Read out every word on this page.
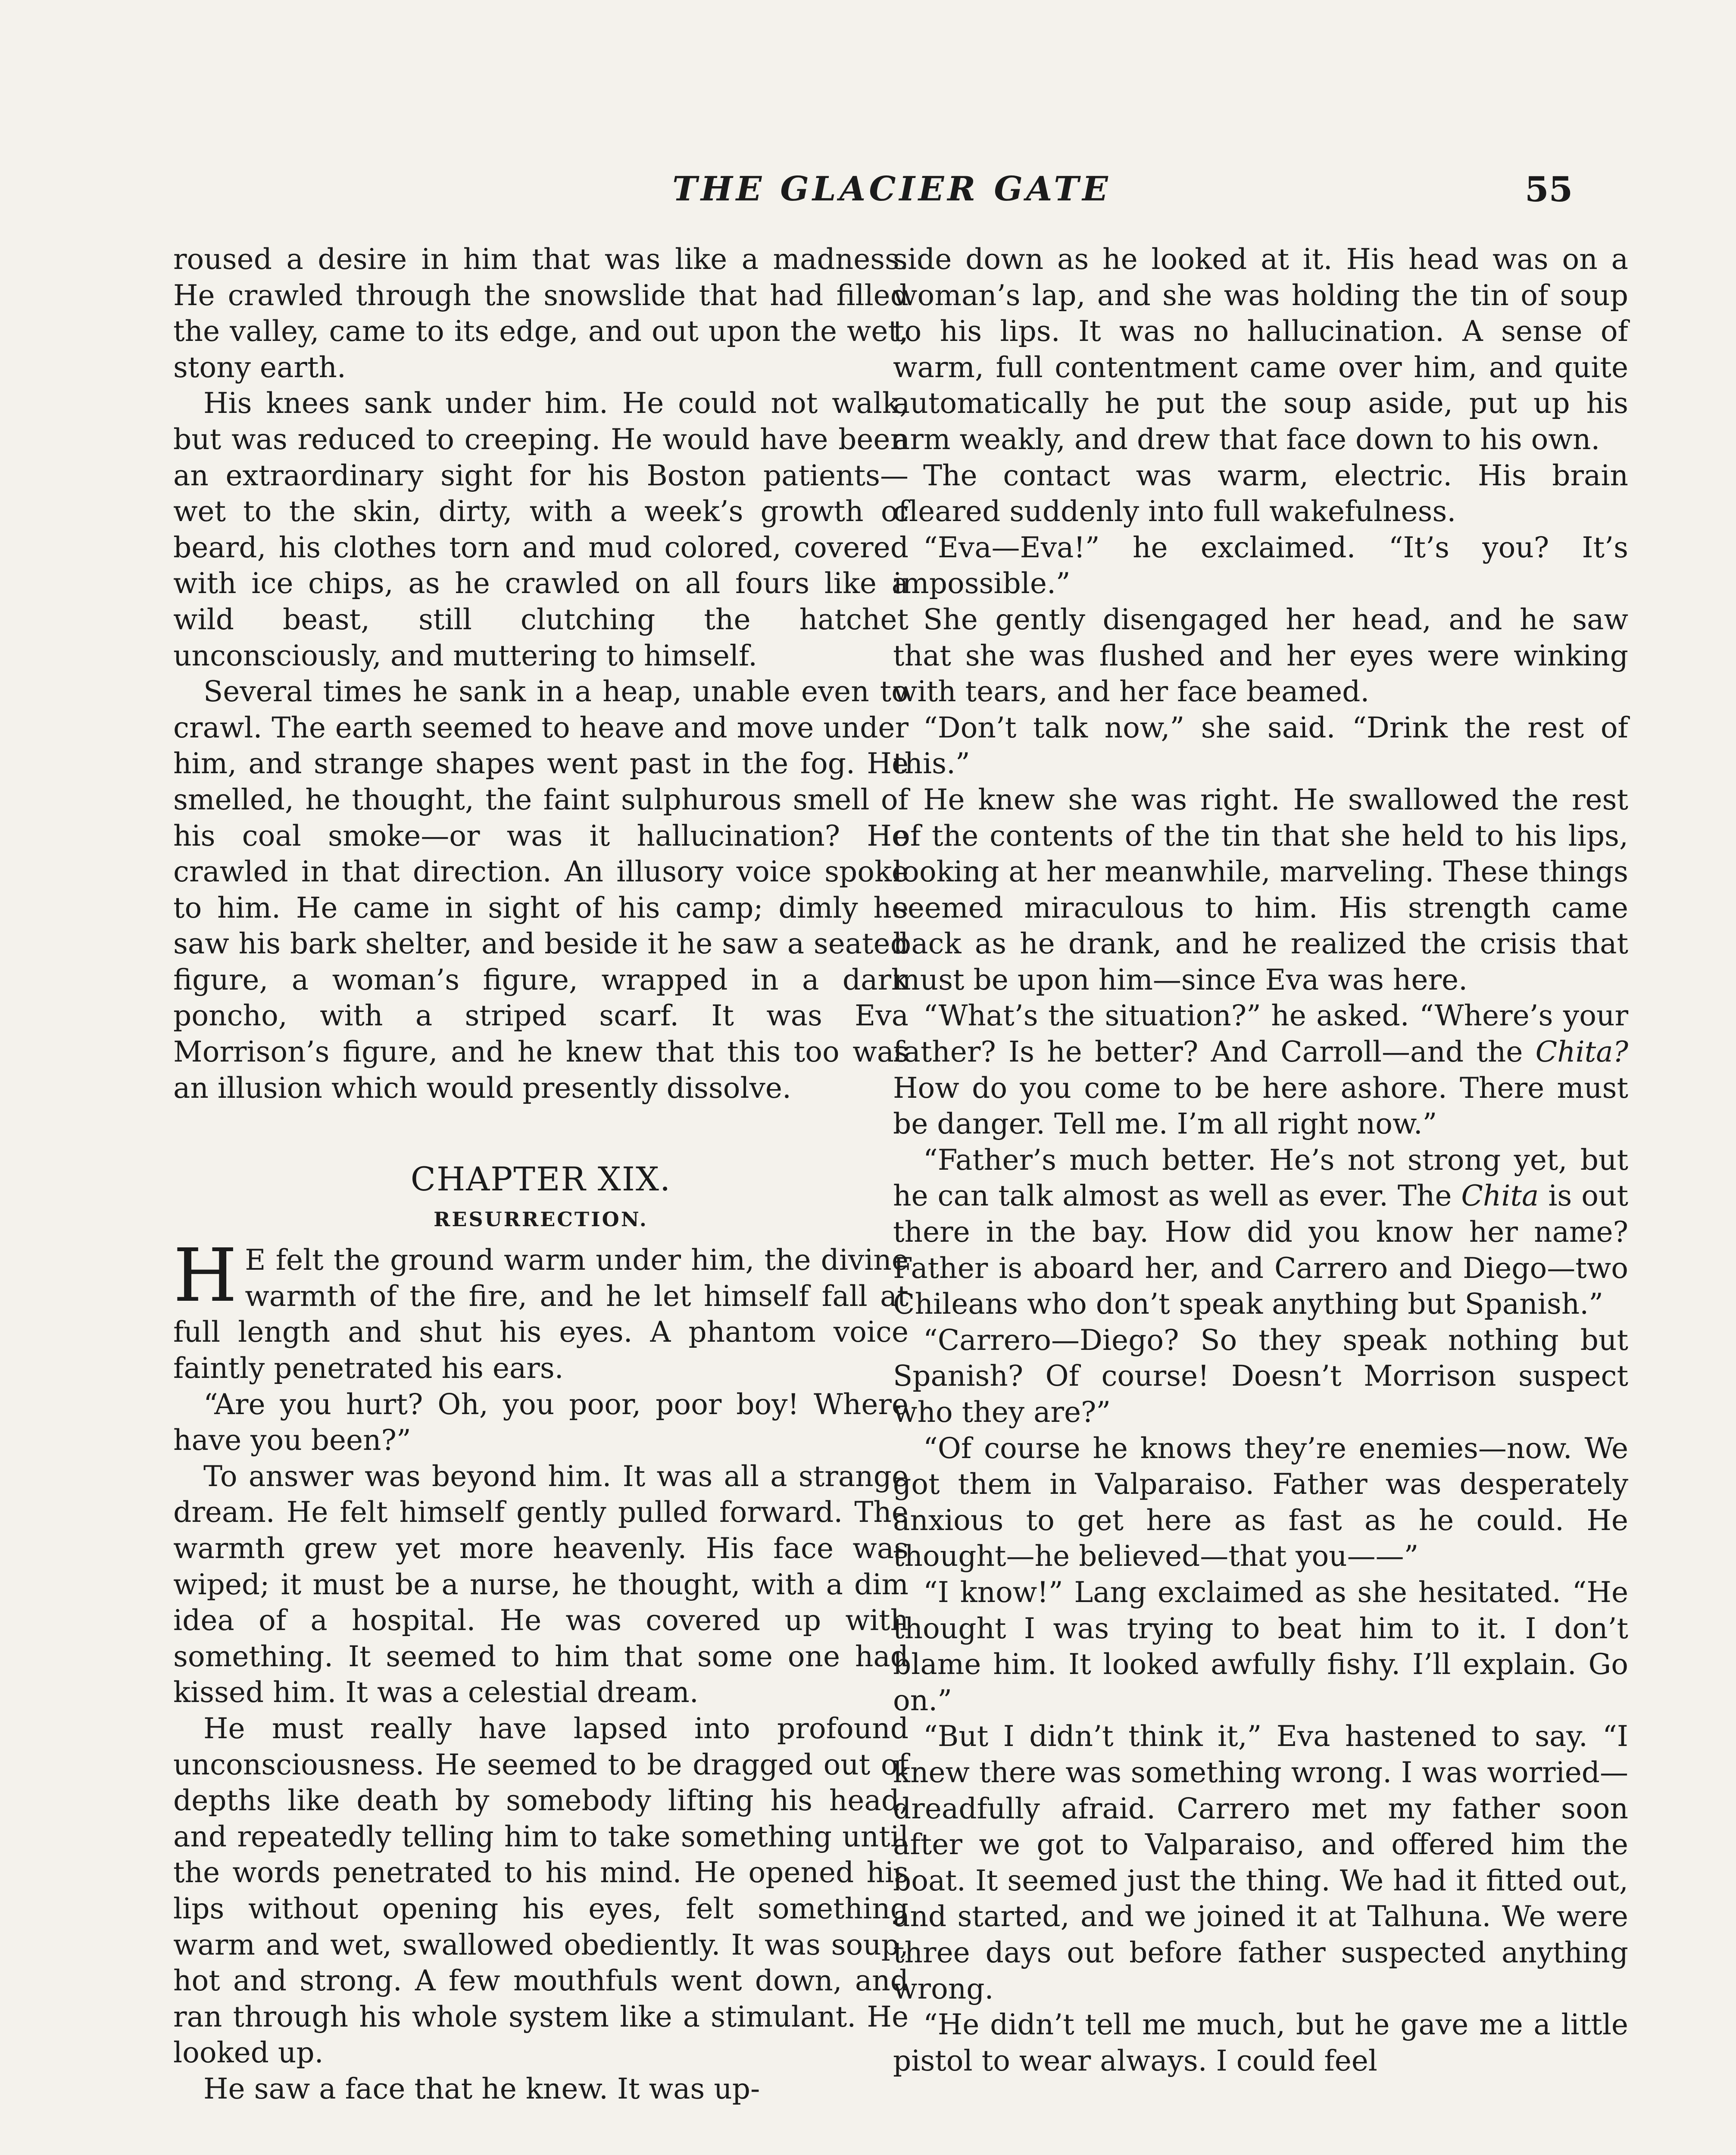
THE GLACIER GATE	55

roused a desire in him that was like a madness. He crawled through the snowslide that had filled the valley, came to its edge, and out upon the wet, stony earth.

His knees sank under him. He could not walk, but was reduced to creeping. He would have been an extraordinary sight for his Boston patients—wet to the skin, dirty, with a week’s growth of beard, his clothes torn and mud colored, covered with ice chips, as he crawled on all fours like a wild beast, still clutching the hatchet unconsciously, and muttering to himself.

Several times he sank in a heap, unable even to crawl. The earth seemed to heave and move under him, and strange shapes went past in the fog. He smelled, he thought, the faint sulphurous smell of his coal smoke—or was it hallucination? He crawled in that direction. An illusory voice spoke to him. He came in sight of his camp; dimly he saw his bark shelter, and beside it he saw a seated figure, a woman’s figure, wrapped in a dark poncho, with a striped scarf. It was Eva Morrison’s figure, and he knew that this too was an illusion which would presently dissolve.

CHAPTER XIX.
RESURRECTION.

H E felt the ground warm under him, the divine warmth of the fire, and he let himself fall at full length and shut his eyes. A phantom voice faintly penetrated his ears.

“Are you hurt? Oh, you poor, poor boy! Where have you been?”

To answer was beyond him. It was all a strange dream. He felt himself gently pulled forward. The warmth grew yet more heavenly. His face was wiped; it must be a nurse, he thought, with a dim idea of a hospital. He was covered up with something. It seemed to him that some one had kissed him. It was a celestial dream.

He must really have lapsed into profound unconsciousness. He seemed to be dragged out of depths like death by somebody lifting his head, and repeatedly telling him to take something until the words penetrated to his mind. He opened his lips without opening his eyes, felt something warm and wet, swallowed obediently. It was soup, hot and strong. A few mouthfuls went down, and ran through his whole system like a stimulant. He looked up.

He saw a face that he knew. It was up-

side down as he looked at it. His head was on a woman’s lap, and she was holding the tin of soup to his lips. It was no hallucination. A sense of warm, full contentment came over him, and quite automatically he put the soup aside, put up his arm weakly, and drew that face down to his own.

The contact was warm, electric. His brain cleared suddenly into full wakefulness.

“Eva—Eva!” he exclaimed. “It’s you? It’s impossible.”

She gently disengaged her head, and he saw that she was flushed and her eyes were winking with tears, and her face beamed.

“Don’t talk now,” she said. “Drink the rest of this.”

He knew she was right. He swallowed the rest of the contents of the tin that she held to his lips, looking at her meanwhile, marveling. These things seemed miraculous to him. His strength came back as he drank, and he realized the crisis that must be upon him—since Eva was here.

“What’s the situation?” he asked. “Where’s your father? Is he better? And Carroll—and the Chita? How do you come to be here ashore. There must be danger. Tell me. I’m all right now.”

“Father’s much better. He’s not strong yet, but he can talk almost as well as ever. The Chita is out there in the bay. How did you know her name? Father is aboard her, and Carrero and Diego—two Chileans who don’t speak anything but Spanish.”

“Carrero—Diego? So they speak nothing but Spanish? Of course! Doesn’t Morrison suspect who they are?”

“Of course he knows they’re enemies—now. We got them in Valparaiso. Father was desperately anxious to get here as fast as he could. He thought—he believed—that you——”

“I know!” Lang exclaimed as she hesitated. “He thought I was trying to beat him to it. I don’t blame him. It looked awfully fishy. I’ll explain. Go on.”

“But I didn’t think it,” Eva hastened to say. “I knew there was something wrong. I was worried—dreadfully afraid. Carrero met my father soon after we got to Valparaiso, and offered him the boat. It seemed just the thing. We had it fitted out, and started, and we joined it at Talhuna. We were three days out before father suspected anything wrong.

“He didn’t tell me much, but he gave me a little pistol to wear always. I could feel
